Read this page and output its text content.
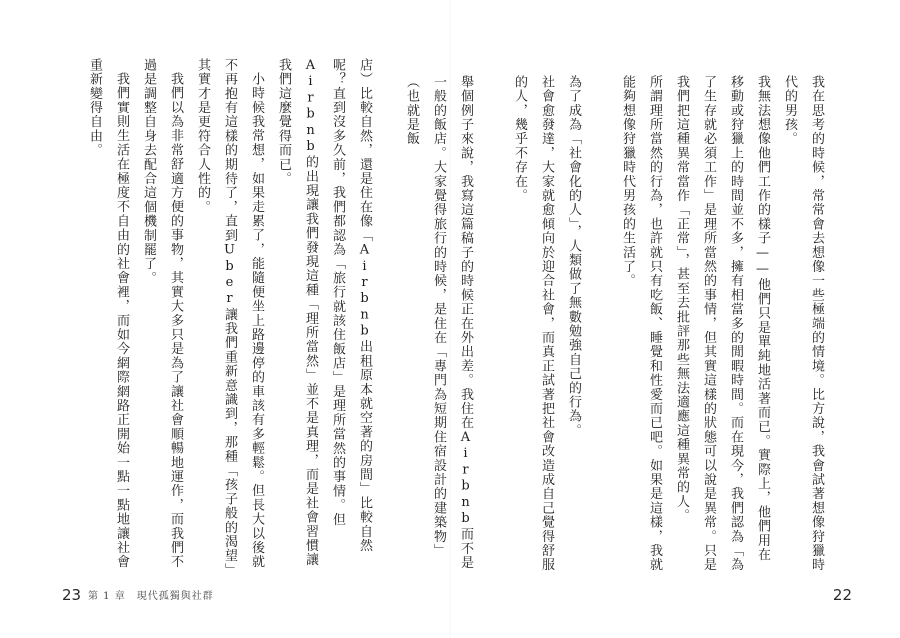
我在思考的時候，常常會去想像一些極端的情境。比方說，我會試著想像狩獵時代的男孩。

我無法想像他們工作的樣子——他們只是單純地活著而已。實際上，他們用在移動或狩獵上的時間並不多，擁有相當多的閒暇時間。而在現今，我們認為「為了生存就必須工作」是理所當然的事情，但其實這樣的狀態可以說是異常。只是我們把這種異常當作「正常」，甚至去批評那些無法適應這種異常的人。

所謂理所當然的行為，也許就只有吃飯、睡覺和性愛而已吧。如果是這樣，我就能夠想像狩獵時代男孩的生活了。

為了成為「社會化的人」，人類做了無數勉強自己的行為。

社會愈發達，大家就愈傾向於迎合社會，而真正試著把社會改造成自己覺得舒服的人，幾乎不存在。

舉個例子來說，我寫這篇稿子的時候正在外出差。我住在Airbnb而不是一般的飯店。大家覺得旅行的時候，是住在「專門為短期住宿設計的建築物」（也就是飯

22

店）比較自然，還是住在像「Airbnb出租原本就空著的房間」比較自然呢？直到沒多久前，我們都認為「旅行就該住飯店」是理所當然的事情。但Airbnb的出現讓我們發現這種「理所當然」並不是真理，而是社會習慣讓我們這麼覺得而已。

小時候我常想，如果走累了，能隨便坐上路邊停的車該有多輕鬆。但長大以後就不再抱有這樣的期待了，直到Uber讓我們重新意識到，那種「孩子般的渴望」其實才是更符合人性的。

我們以為非常舒適方便的事物，其實大多只是為了讓社會順暢地運作，而我們不過是調整自身去配合這個機制罷了。

我們實則生活在極度不自由的社會裡，而如今網際網路正開始一點一點地讓社會重新變得自由。

23 第 1 章　現代孤獨與社群
